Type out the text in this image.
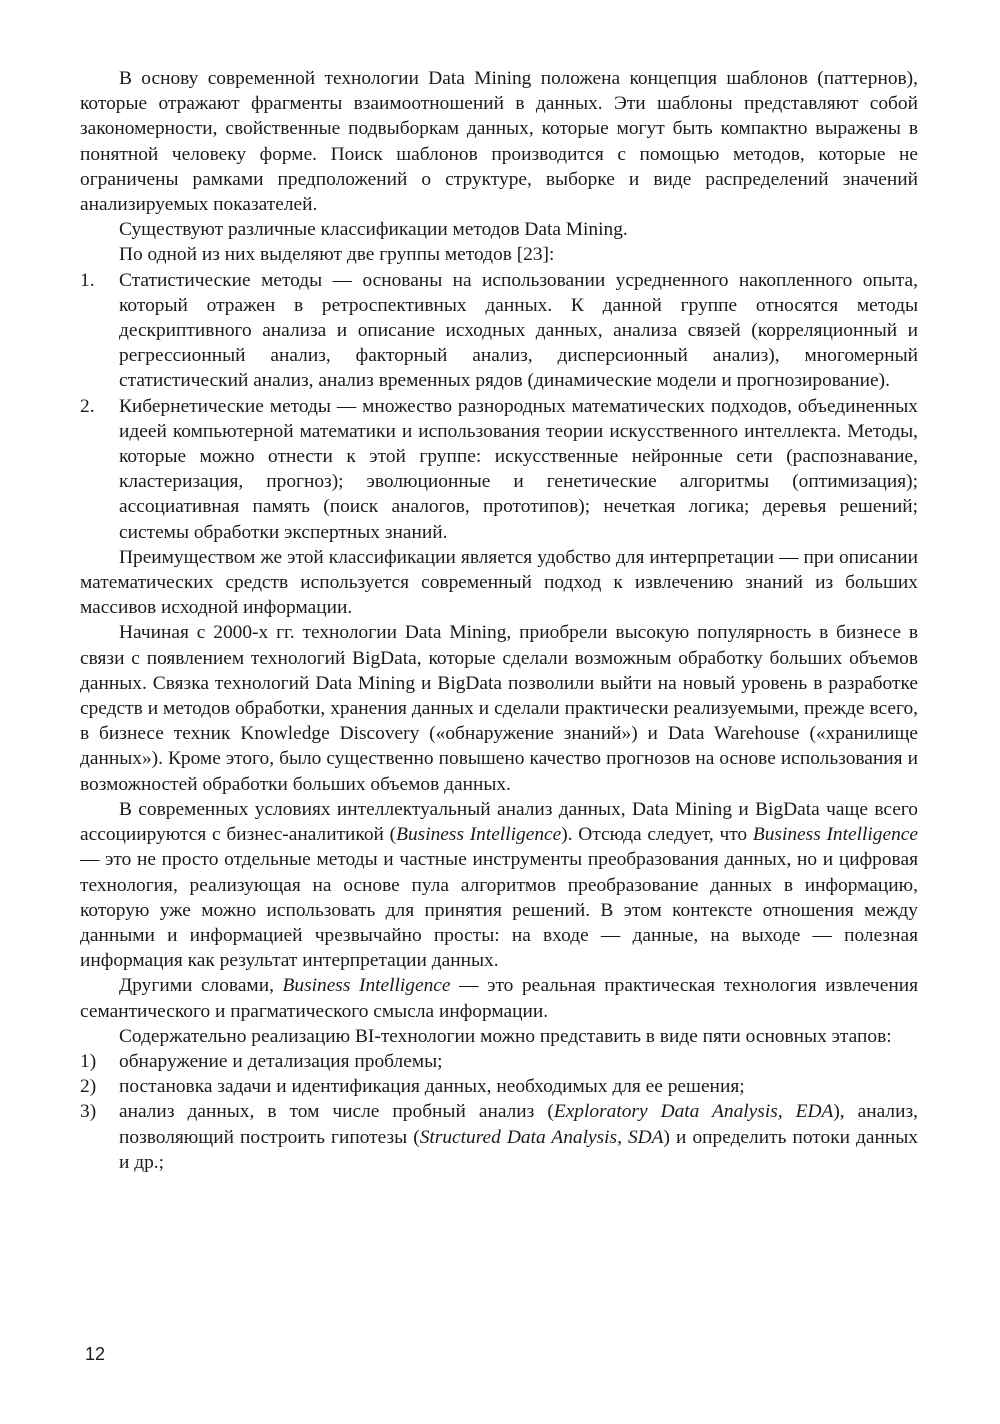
В основу современной технологии Data Mining положена концепция шаблонов (паттернов), которые отражают фрагменты взаимоотношений в данных. Эти шаблоны представляют собой закономерности, свойственные подвыборкам данных, которые могут быть компактно выражены в понятной человеку форме. Поиск шаблонов производится с помощью методов, которые не ограничены рамками предположений о структуре, выборке и виде распределений значений анализируемых показателей.

Существуют различные классификации методов Data Mining.

По одной из них выделяют две группы методов [23]:

1. Статистические методы — основаны на использовании усредненного накопленного опыта, который отражен в ретроспективных данных. К данной группе относятся методы дескриптивного анализа и описание исходных данных, анализа связей (корреляционный и регрессионный анализ, факторный анализ, дисперсионный анализ), многомерный статистический анализ, анализ временных рядов (динамические модели и прогнозирование).
2. Кибернетические методы — множество разнородных математических подходов, объединенных идеей компьютерной математики и использования теории искусственного интеллекта. Методы, которые можно отнести к этой группе: искусственные нейронные сети (распознавание, кластеризация, прогноз); эволюционные и генетические алгоритмы (оптимизация); ассоциативная память (поиск аналогов, прототипов); нечеткая логика; деревья решений; системы обработки экспертных знаний.

Преимуществом же этой классификации является удобство для интерпретации — при описании математических средств используется современный подход к извлечению знаний из больших массивов исходной информации.

Начиная с 2000-х гг. технологии Data Mining, приобрели высокую популярность в бизнесе в связи с появлением технологий BigData, которые сделали возможным обработку больших объемов данных. Связка технологий Data Mining и BigData позволили выйти на новый уровень в разработке средств и методов обработки, хранения данных и сделали практически реализуемыми, прежде всего, в бизнесе техник Knowledge Discovery («обнаружение знаний») и Data Warehouse («хранилище данных»). Кроме этого, было существенно повышено качество прогнозов на основе использования и возможностей обработки больших объемов данных.

В современных условиях интеллектуальный анализ данных, Data Mining и BigData чаще всего ассоциируются с бизнес-аналитикой (Business Intelligence). Отсюда следует, что Business Intelligence — это не просто отдельные методы и частные инструменты преобразования данных, но и цифровая технология, реализующая на основе пула алгоритмов преобразование данных в информацию, которую уже можно использовать для принятия решений. В этом контексте отношения между данными и информацией чрезвычайно просты: на входе — данные, на выходе — полезная информация как результат интерпретации данных.

Другими словами, Business Intelligence — это реальная практическая технология извлечения семантического и прагматического смысла информации.

Содержательно реализацию BI-технологии можно представить в виде пяти основных этапов:

1) обнаружение и детализация проблемы;
2) постановка задачи и идентификация данных, необходимых для ее решения;
3) анализ данных, в том числе пробный анализ (Exploratory Data Analysis, EDA), анализ, позволяющий построить гипотезы (Structured Data Analysis, SDA) и определить потоки данных и др.;
12
